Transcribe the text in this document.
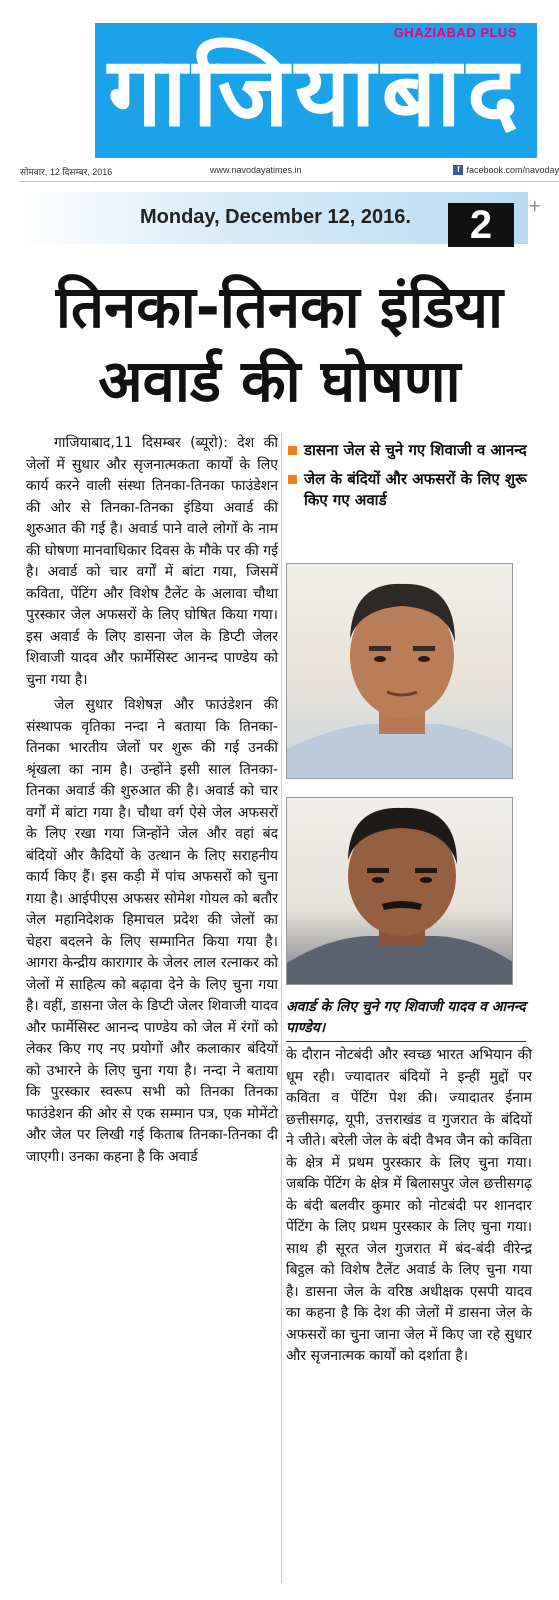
GHAZIABAD PLUS
गाजियाबाद
सोमवार, 12 दिसम्बर, 2016	www.navodayatimes.in	f facebook.com/navoday
Monday, December 12, 2016.	2	+
तिनका-तिनका इंडिया
अवार्ड की घोषणा

गाजियाबाद,11 दिसम्बर (ब्यूरो): देश की जेलों में सुधार और सृजनात्मकता कार्यों के लिए कार्य करने वाली संस्था तिनका-तिनका फाउंडेशन की ओर से तिनका-तिनका इंडिया अवार्ड की शुरुआत की गई है। अवार्ड पाने वाले लोगों के नाम की घोषणा मानवाधिकार दिवस के मौके पर की गई है। अवार्ड को चार वर्गों में बांटा गया, जिसमें कविता, पेंटिंग और विशेष टैलेंट के अलावा चौथा पुरस्कार जेल अफसरों के लिए घोषित किया गया। इस अवार्ड के लिए डासना जेल के डिप्टी जेलर शिवाजी यादव और फार्मेसिस्ट आनन्द पाण्डेय को चुना गया है।

जेल सुधार विशेषज्ञ और फाउंडेशन की संस्थापक वृतिका नन्दा ने बताया कि तिनका-तिनका भारतीय जेलों पर शुरू की गई उनकी श्रृंखला का नाम है। उन्होंने इसी साल तिनका-तिनका अवार्ड की शुरुआत की है। अवार्ड को चार वर्गों में बांटा गया है। चौथा वर्ग ऐसे जेल अफसरों के लिए रखा गया जिन्होंने जेल और वहां बंद बंदियों और कैदियों के उत्थान के लिए सराहनीय कार्य किए हैं। इस कड़ी में पांच अफसरों को चुना गया है। आईपीएस अफसर सोमेश गोयल को बतौर जेल महानिदेशक हिमाचल प्रदेश की जेलों का चेहरा बदलने के लिए सम्मानित किया गया है। आगरा केन्द्रीय कारागार के जेलर लाल रत्नाकर को जेलों में साहित्य को बढ़ावा देने के लिए चुना गया है। वहीं, डासना जेल के डिप्टी जेलर शिवाजी यादव और फार्मेसिस्ट आनन्द पाण्डेय को जेल में रंगों को लेकर किए गए नए प्रयोगों और कलाकार बंदियों को उभारने के लिए चुना गया है। नन्दा ने बताया कि पुरस्कार स्वरूप सभी को तिनका तिनका फाउंडेशन की ओर से एक सम्मान पत्र, एक मोमेंटो और जेल पर लिखी गई किताब तिनका-तिनका दी जाएगी। उनका कहना है कि अवार्ड

डासना जेल से चुने गए शिवाजी व आनन्द
जेल के बंदियों और अफसरों के लिए शुरू किए गए अवार्ड
अवार्ड के लिए चुने गए शिवाजी यादव व आनन्द पाण्डेय।

के दौरान नोटबंदी और स्वच्छ भारत अभियान की धूम रही। ज्यादातर बंदियों ने इन्हीं मुद्दों पर कविता व पेंटिंग पेश की। ज्यादातर ईनाम छत्तीसगढ़, यूपी, उत्तराखंड व गुजरात के बंदियों ने जीते। बरेली जेल के बंदी वैभव जैन को कविता के क्षेत्र में प्रथम पुरस्कार के लिए चुना गया। जबकि पेंटिंग के क्षेत्र में बिलासपुर जेल छत्तीसगढ़ के बंदी बलवीर कुमार को नोटबंदी पर शानदार पेंटिंग के लिए प्रथम पुरस्कार के लिए चुना गया। साथ ही सूरत जेल गुजरात में बंद-बंदी वीरेन्द्र बिट्ठल को विशेष टैलेंट अवार्ड के लिए चुना गया है। डासना जेल के वरिष्ठ अधीक्षक एसपी यादव का कहना है कि देश की जेलों में डासना जेल के अफसरों का चुना जाना जेल में किए जा रहे सुधार और सृजनात्मक कार्यों को दर्शाता है।
